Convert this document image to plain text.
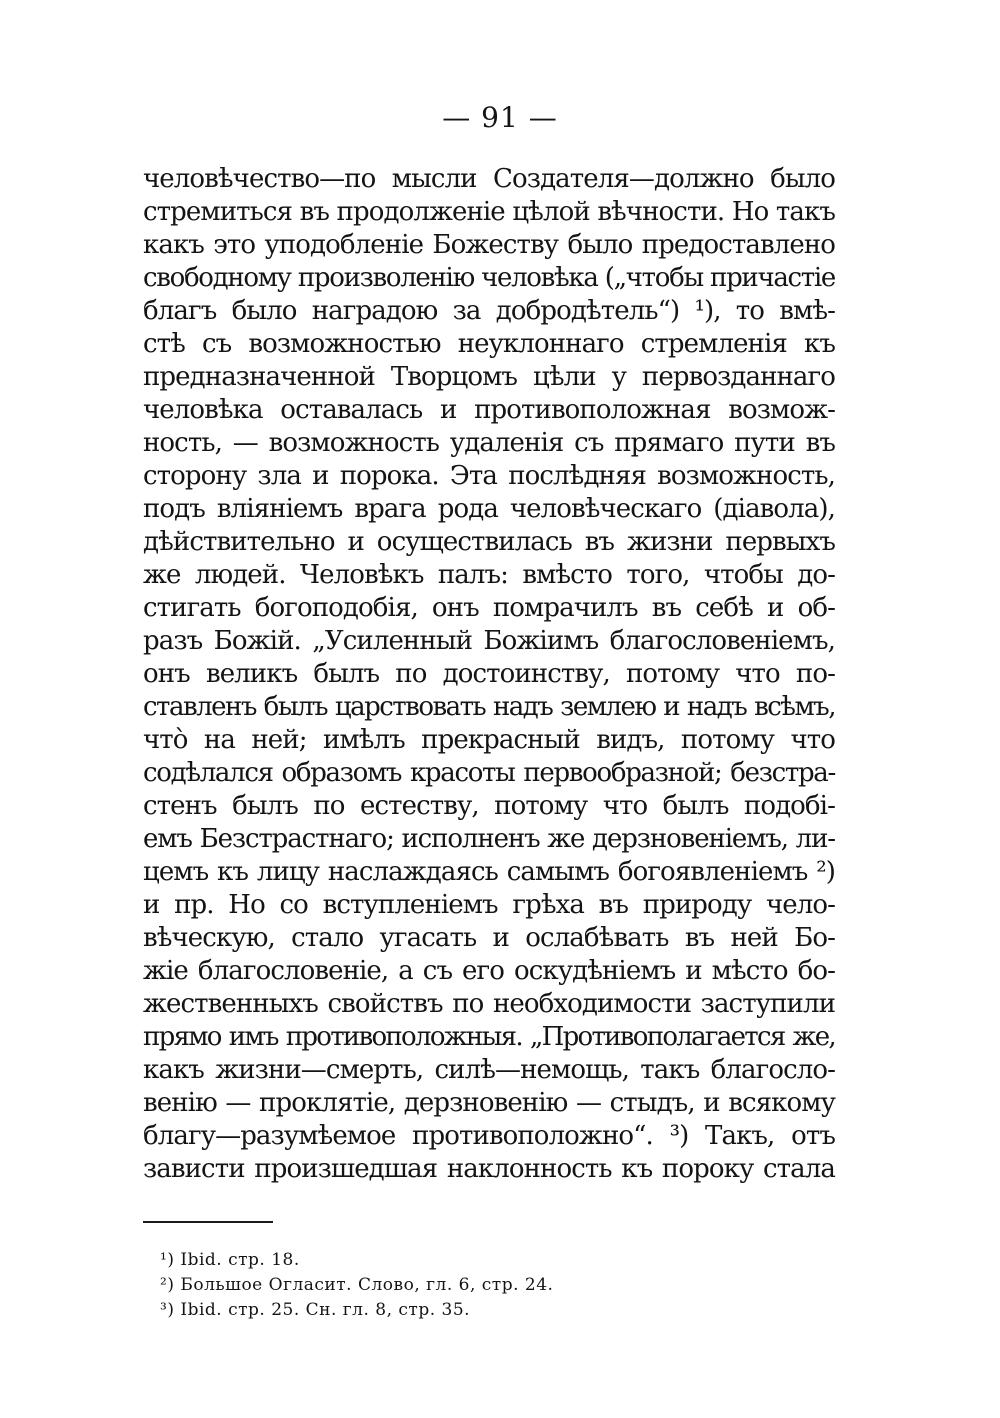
— 91 —
человѣчество—по мысли Создателя—должно было
стремиться въ продолженіе цѣлой вѣчности. Но такъ
какъ это уподобленіе Божеству было предоставлено
свободному произволенію человѣка („чтобы причастіе
благъ было наградою за добродѣтель“) ¹), то вмѣ-
стѣ съ возможностью неуклоннаго стремленія къ
предназначенной Творцомъ цѣли у первозданнаго
человѣка оставалась и противоположная возмож-
ность, — возможность удаленія съ прямаго пути въ
сторону зла и порока. Эта послѣдняя возможность,
подъ вліяніемъ врага рода человѣческаго (діавола),
дѣйствительно и осуществилась въ жизни первыхъ
же людей. Человѣкъ палъ: вмѣсто того, чтобы до-
стигать богоподобія, онъ помрачилъ въ себѣ и об-
разъ Божій. „Усиленный Божіимъ благословеніемъ,
онъ великъ былъ по достоинству, потому что по-
ставленъ былъ царствовать надъ землею и надъ всѣмъ,
что̀ на ней; имѣлъ прекрасный видъ, потому что
содѣлался образомъ красоты первообразной; безстра-
стенъ былъ по естеству, потому что былъ подобі-
емъ Безстрастнаго; исполненъ же дерзновеніемъ, ли-
цемъ къ лицу наслаждаясь самымъ богоявленіемъ ²)
и пр. Но со вступленіемъ грѣха въ природу чело-
вѣческую, стало угасать и ослабѣвать въ ней Бо-
жіе благословеніе, а съ его оскудѣніемъ и мѣсто бо-
жественныхъ свойствъ по необходимости заступили
прямо имъ противоположныя. „Противополагается же,
какъ жизни—смерть, силѣ—немощь, такъ благосло-
венію — проклятіе, дерзновенію — стыдъ, и всякому
благу—разумѣемое противоположно“. ³) Такъ, отъ
зависти произшедшая наклонность къ пороку стала
¹) Ibid. стр. 18.
²) Большое Огласит. Слово, гл. 6, стр. 24.
³) Ibid. стр. 25. Сн. гл. 8, стр. 35.
